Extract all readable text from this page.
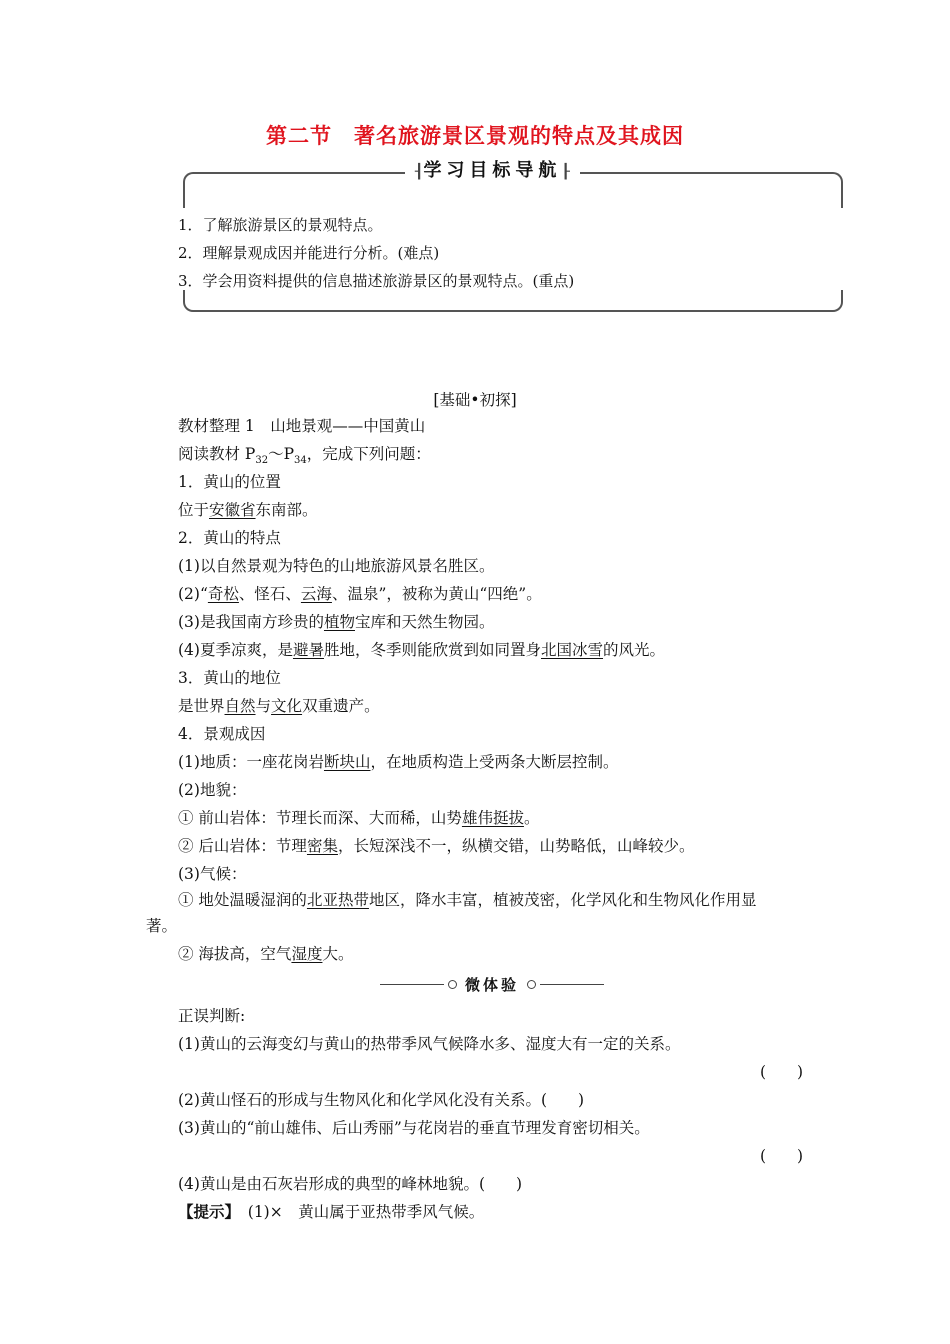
第二节 著名旅游景区景观的特点及其成因
┨学习目标导航┠
1．了解旅游景区的景观特点。
2．理解景观成因并能进行分析。(难点)
3．学会用资料提供的信息描述旅游景区的景观特点。(重点)
[基础•初探]
教材整理 1　山地景观——中国黄山
阅读教材 $P_{32}\sim P_{34}$，完成下列问题：
1．黄山的位置
位于安徽省东南部。
2．黄山的特点
(1)以自然景观为特色的山地旅游风景名胜区。
(2)“奇松、怪石、云海、温泉”，被称为黄山“四绝”。
(3)是我国南方珍贵的植物宝库和天然生物园。
(4)夏季凉爽，是避暑胜地，冬季则能欣赏到如同置身北国冰雪的风光。
3．黄山的地位
是世界自然与文化双重遗产。
4．景观成因
(1)地质：一座花岗岩断块山，在地质构造上受两条大断层控制。
(2)地貌：
① 前山岩体：节理长而深、大而稀，山势雄伟挺拔。
② 后山岩体：节理密集，长短深浅不一，纵横交错，山势略低，山峰较少。
(3)气候：
① 地处温暖湿润的北亚热带地区，降水丰富，植被茂密，化学风化和生物风化作用显
著。
② 海拔高，空气湿度大。
微体验
正误判断:
(1)黄山的云海变幻与黄山的热带季风气候降水多、湿度大有一定的关系。
(　　)
(2)黄山怪石的形成与生物风化和化学风化没有关系。(　　)
(3)黄山的“前山雄伟、后山秀丽”与花岗岩的垂直节理发育密切相关。
(　　)
(4)黄山是由石灰岩形成的典型的峰林地貌。(　　)
【提示】　(1)×　黄山属于亚热带季风气候。
